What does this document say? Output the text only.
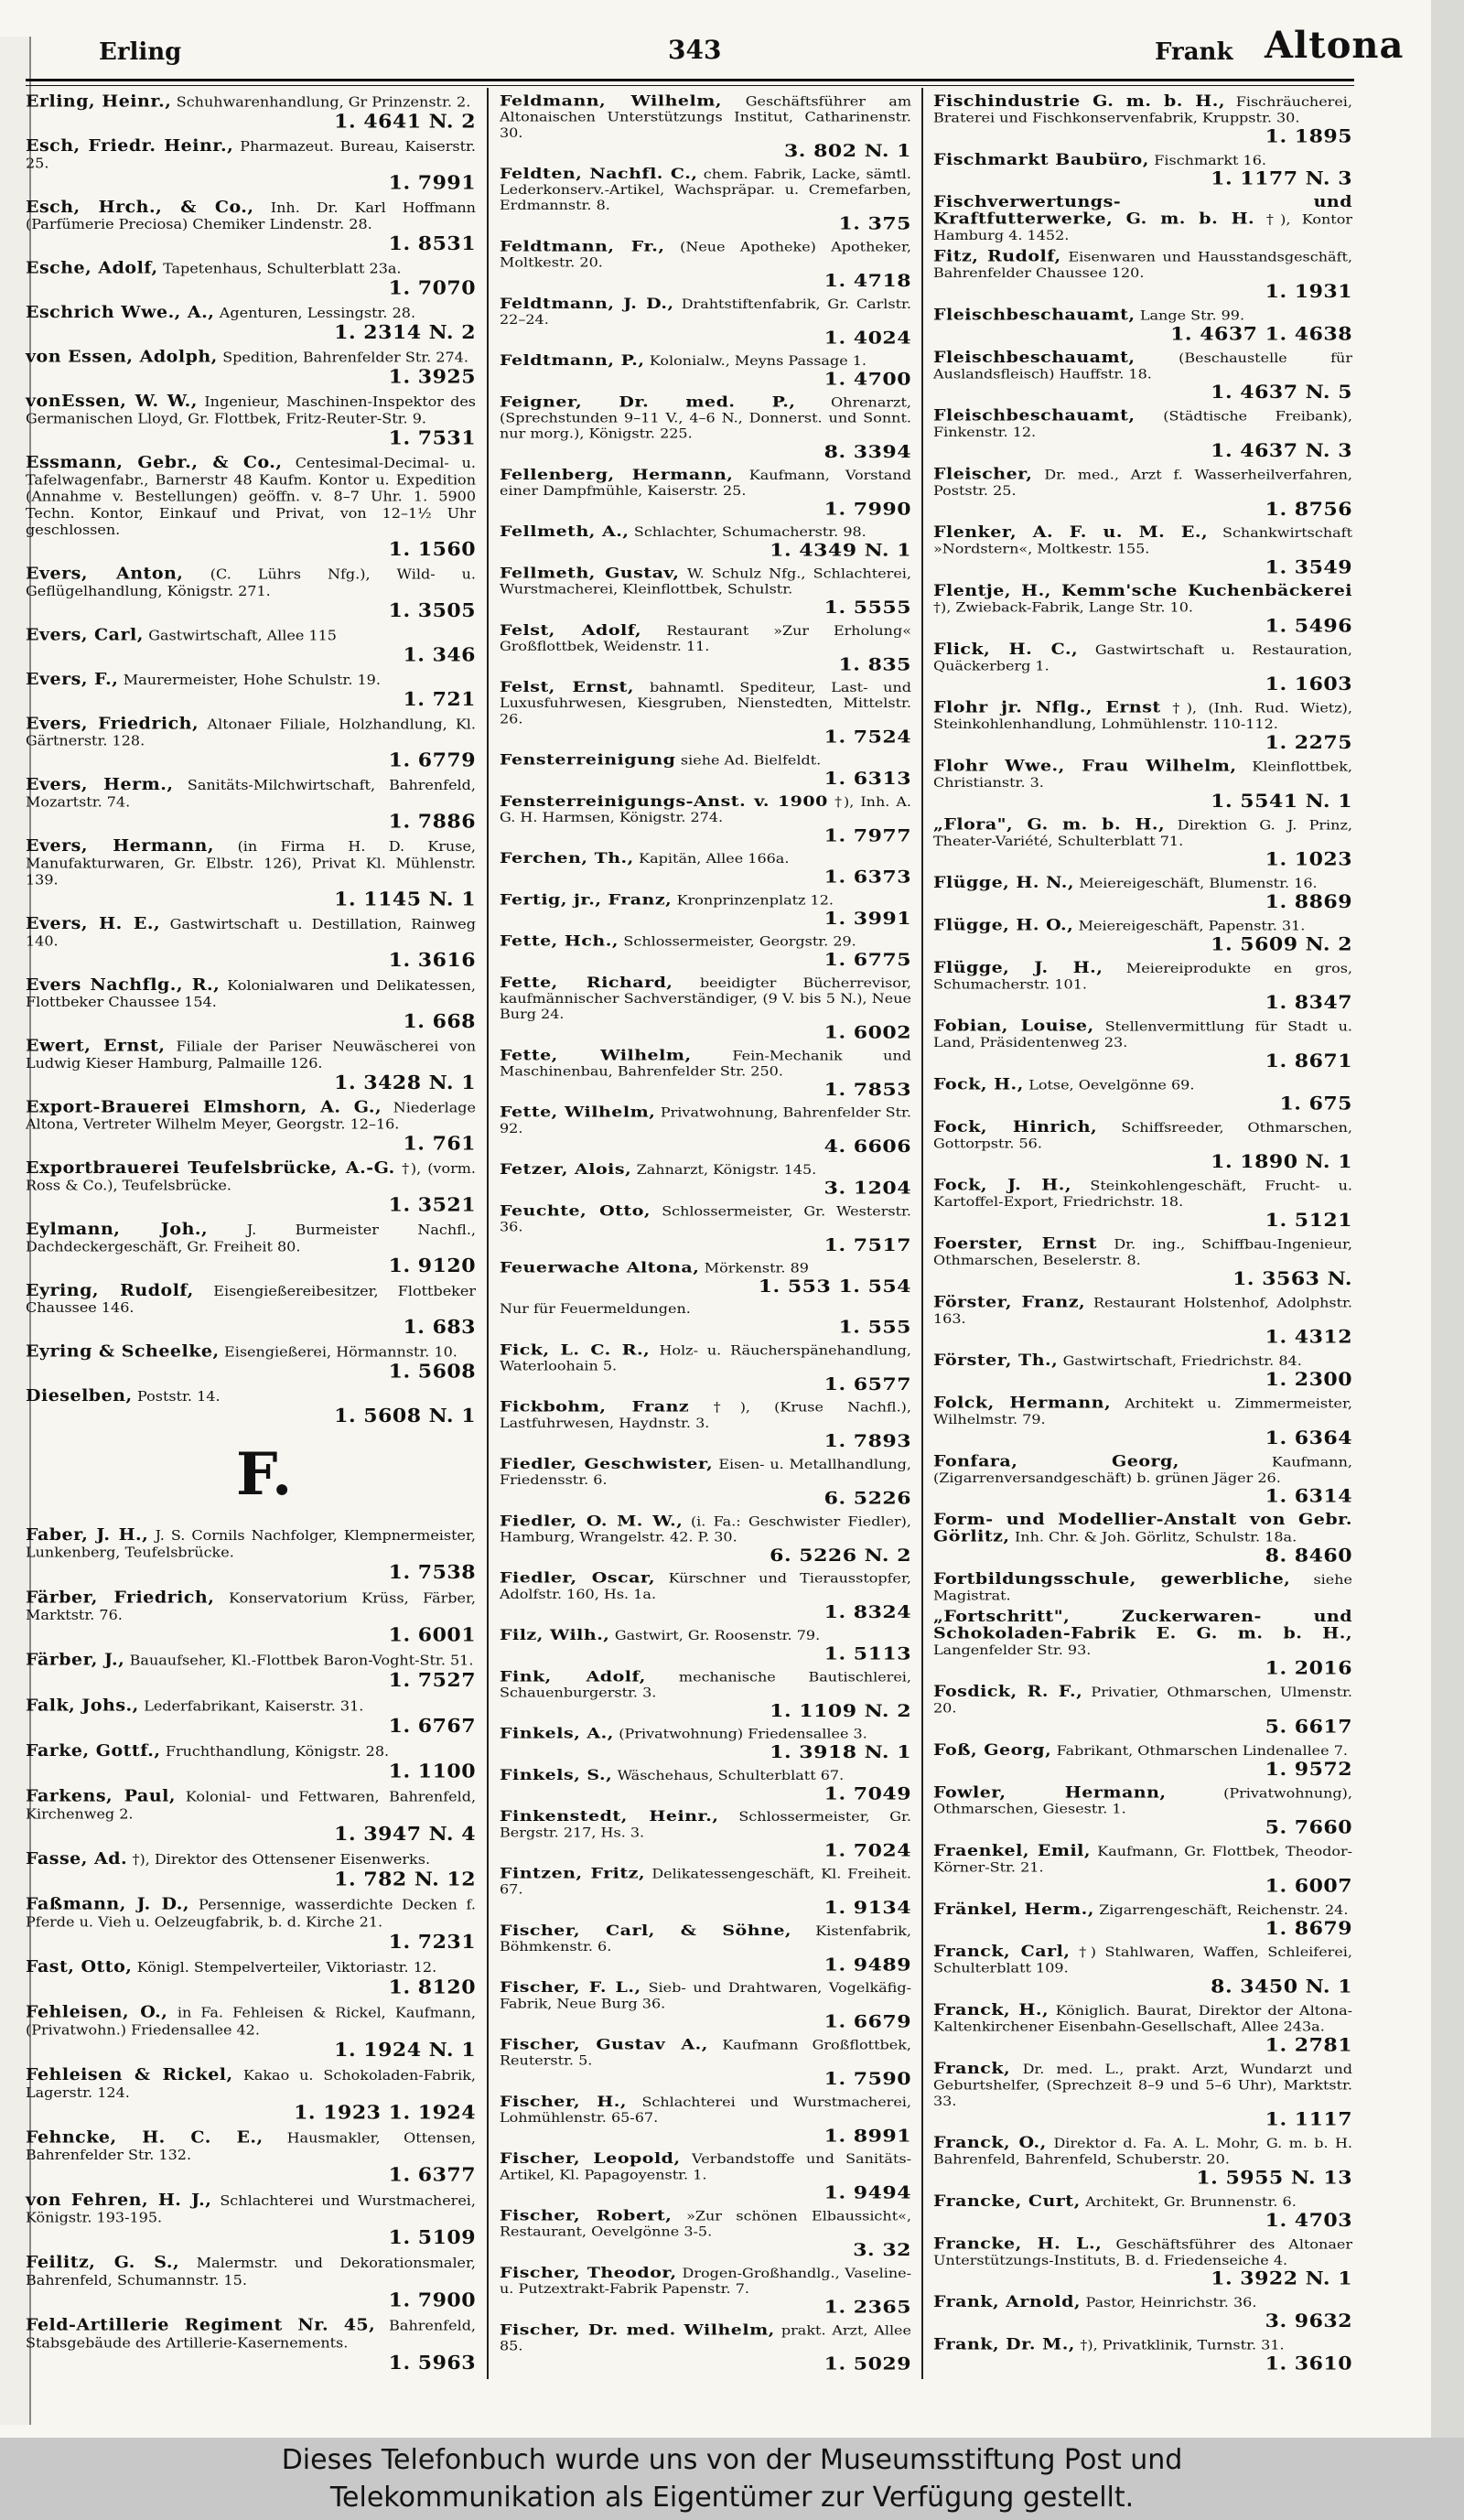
Erling	343	Frank Altona
Erling, Heinr., Schuhwarenhandlung, Gr Prinzenstr. 2.
1. 4641 N. 2
Esch, Friedr. Heinr., Pharmazeut. Bureau, Kaiserstr. 25.
1. 7991
Esch, Hrch., & Co., Inh. Dr. Karl Hoffmann (Parfümerie Preciosa) Chemiker Lindenstr. 28.
1. 8531
Esche, Adolf, Tapetenhaus, Schulterblatt 23a.
1. 7070
Eschrich Wwe., A., Agenturen, Lessingstr. 28.
1. 2314 N. 2
von Essen, Adolph, Spedition, Bahrenfelder Str. 274.
1. 3925
vonEssen, W. W., Ingenieur, Maschinen-Inspektor des Germanischen Lloyd, Gr. Flottbek, Fritz-Reuter-Str. 9.
1. 7531
Essmann, Gebr., & Co., Centesimal-Decimal- u. Tafelwagenfabr., Barnerstr 48 Kaufm. Kontor u. Expedition (Annahme v. Bestellungen) geöffn. v. 8–7 Uhr. 1. 5900 Techn. Kontor, Einkauf und Privat, von 12–1½ Uhr geschlossen.
1. 1560
Evers, Anton, (C. Lührs Nfg.), Wild- u. Geflügelhandlung, Königstr. 271.
1. 3505
Evers, Carl, Gastwirtschaft, Allee 115
1. 346
Evers, F., Maurermeister, Hohe Schulstr. 19.
1. 721
Evers, Friedrich, Altonaer Filiale, Holzhandlung, Kl. Gärtnerstr. 128.
1. 6779
Evers, Herm., Sanitäts-Milchwirtschaft, Bahrenfeld, Mozartstr. 74.
1. 7886
Evers, Hermann, (in Firma H. D. Kruse, Manufakturwaren, Gr. Elbstr. 126), Privat Kl. Mühlenstr. 139.
1. 1145 N. 1
Evers, H. E., Gastwirtschaft u. Destillation, Rainweg 140.
1. 3616
Evers Nachflg., R., Kolonialwaren und Delikatessen, Flottbeker Chaussee 154.
1. 668
Ewert, Ernst, Filiale der Pariser Neuwäscherei von Ludwig Kieser Hamburg, Palmaille 126.
1. 3428 N. 1
Export-Brauerei Elmshorn, A. G., Niederlage Altona, Vertreter Wilhelm Meyer, Georgstr. 12–16.
1. 761
Exportbrauerei Teufelsbrücke, A.-G. †), (vorm. Ross & Co.), Teufelsbrücke.
1. 3521
Eylmann, Joh.,	J. Burmeister Nachfl., Dachdeckergeschäft, Gr. Freiheit 80.
1. 9120
Eyring, Rudolf, Eisengießereibesitzer, Flottbeker Chaussee 146.
1. 683
Eyring & Scheelke, Eisengießerei, Hörmannstr. 10.
1. 5608
Dieselben, Poststr. 14.
1. 5608 N. 1
F.
Faber, J. H., J. S. Cornils Nachfolger, Klempnermeister, Lunkenberg, Teufelsbrücke.
1. 7538
Färber, Friedrich, Konservatorium Krüss, Färber, Marktstr. 76.
1. 6001
Färber, J., Bauaufseher, Kl.-Flottbek Baron-Voght-Str. 51.
1. 7527
Falk, Johs., Lederfabrikant, Kaiserstr. 31.
1. 6767
Farke, Gottf., Fruchthandlung, Königstr. 28.
1. 1100
Farkens, Paul, Kolonial- und Fettwaren, Bahrenfeld, Kirchenweg 2.
1. 3947 N. 4
Fasse, Ad. †), Direktor des Ottensener Eisenwerks.
1. 782 N. 12
Faßmann, J. D., Persennige, wasserdichte Decken f. Pferde u. Vieh u. Oelzeugfabrik, b. d. Kirche 21.
1. 7231
Fast, Otto, Königl. Stempelverteiler, Viktoriastr. 12.
1. 8120
Fehleisen, O., in Fa. Fehleisen & Rickel, Kaufmann, (Privatwohn.) Friedensallee 42.
1. 1924 N. 1
Fehleisen & Rickel, Kakao u. Schokoladen-Fabrik, Lagerstr. 124.
1. 1923 1. 1924
Fehncke, H. C. E., Hausmakler, Ottensen, Bahrenfelder Str. 132.
1. 6377
von Fehren, H. J., Schlachterei und Wurstmacherei, Königstr. 193-195.
1. 5109
Feilitz, G. S., Malermstr. und Dekorationsmaler, Bahrenfeld, Schumannstr. 15.
1. 7900
Feld-Artillerie Regiment Nr. 45, Bahrenfeld, Stabsgebäude des Artillerie-Kasernements.
1. 5963
Feldmann, Wilhelm, Geschäftsführer am Altonaischen Unterstützungs Institut, Catharinenstr. 30.
3. 802 N. 1
Feldten, Nachfl. C., chem. Fabrik, Lacke, sämtl. Lederkonserv.-Artikel, Wachspräpar. u. Cremefarben, Erdmannstr. 8.
1. 375
Feldtmann, Fr., (Neue Apotheke) Apotheker, Moltkestr. 20.
1. 4718
Feldtmann, J. D., Drahtstiftenfabrik, Gr. Carlstr. 22–24.
1. 4024
Feldtmann, P., Kolonialw., Meyns Passage 1.
1. 4700
Feigner, Dr. med. P., Ohrenarzt, (Sprechstunden 9–11 V., 4–6 N., Donnerst. und Sonnt. nur morg.), Königstr. 225.
8. 3394
Fellenberg, Hermann, Kaufmann, Vorstand einer Dampfmühle, Kaiserstr. 25.
1. 7990
Fellmeth, A., Schlachter, Schumacherstr. 98.
1. 4349 N. 1
Fellmeth, Gustav, W. Schulz Nfg., Schlachterei, Wurstmacherei, Kleinflottbek, Schulstr.
1. 5555
Felst, Adolf, Restaurant »Zur Erholung« Großflottbek, Weidenstr. 11.
1. 835
Felst, Ernst, bahnamtl. Spediteur, Last- und Luxusfuhrwesen, Kiesgruben, Nienstedten, Mittelstr. 26.
1. 7524
Fensterreinigung siehe Ad. Bielfeldt.
1. 6313
Fensterreinigungs-Anst. v. 1900 †), Inh. A. G. H. Harmsen, Königstr. 274.
1. 7977
Ferchen, Th., Kapitän, Allee 166a.
1. 6373
Fertig, jr., Franz, Kronprinzenplatz 12.
1. 3991
Fette, Hch., Schlossermeister, Georgstr. 29.
1. 6775
Fette, Richard, beeidigter Bücherrevisor, kaufmännischer Sachverständiger, (9 V. bis 5 N.), Neue Burg 24.
1. 6002
Fette, Wilhelm,	Fein-Mechanik und Maschinenbau, Bahrenfelder Str. 250.
1. 7853
Fette, Wilhelm, Privatwohnung, Bahrenfelder Str. 92.
4. 6606
Fetzer, Alois, Zahnarzt, Königstr. 145.
3. 1204
Feuchte, Otto, Schlossermeister, Gr. Westerstr. 36.
1. 7517
Feuerwache Altona, Mörkenstr. 89
1. 553 1. 554
Nur für Feuermeldungen.
1. 555
Fick, L. C. R., Holz- u. Räucherspänehandlung, Waterloohain 5.
1. 6577
Fickbohm, Franz †), (Kruse Nachfl.), Lastfuhrwesen, Haydnstr. 3.
1. 7893
Fiedler, Geschwister, Eisen- u. Metallhandlung, Friedensstr. 6.
6. 5226
Fiedler, O. M. W., (i. Fa.: Geschwister Fiedler), Hamburg, Wrangelstr. 42. P. 30.
6. 5226 N. 2
Fiedler, Oscar, Kürschner und Tierausstopfer, Adolfstr. 160, Hs. 1a.
1. 8324
Filz, Wilh., Gastwirt, Gr. Roosenstr. 79.
1. 5113
Fink, Adolf, mechanische Bautischlerei, Schauenburgerstr. 3.
1. 1109 N. 2
Finkels, A., (Privatwohnung) Friedensallee 3.
1. 3918 N. 1
Finkels, S., Wäschehaus, Schulterblatt 67.
1. 7049
Finkenstedt, Heinr., Schlossermeister, Gr. Bergstr. 217, Hs. 3.
1. 7024
Fintzen, Fritz, Delikatessengeschäft, Kl. Freiheit. 67.
1. 9134
Fischer, Carl, & Söhne, Kistenfabrik, Böhmkenstr. 6.
1. 9489
Fischer, F. L., Sieb- und Drahtwaren, Vogelkäfig-Fabrik, Neue Burg 36.
1. 6679
Fischer, Gustav A., Kaufmann Großflottbek, Reuterstr. 5.
1. 7590
Fischer, H., Schlachterei und Wurstmacherei, Lohmühlenstr. 65-67.
1. 8991
Fischer, Leopold, Verbandstoffe und Sanitäts-Artikel, Kl. Papagoyenstr. 1.
1. 9494
Fischer, Robert, »Zur schönen Elbaussicht«, Restaurant, Oevelgönne 3-5.
3. 32
Fischer, Theodor, Drogen-Großhandlg., Vaseline- u. Putzextrakt-Fabrik Papenstr. 7.
1. 2365
Fischer, Dr. med. Wilhelm, prakt. Arzt, Allee 85.
1. 5029
Fischindustrie G. m. b. H., Fischräucherei, Braterei und Fischkonservenfabrik, Kruppstr. 30.
1. 1895
Fischmarkt Baubüro, Fischmarkt 16.
1. 1177 N. 3
Fischverwertungs- und Kraftfutterwerke, G. m. b. H. †), Kontor Hamburg 4. 1452.
Fitz, Rudolf, Eisenwaren und Hausstandsgeschäft, Bahrenfelder Chaussee 120.
1. 1931
Fleischbeschauamt, Lange Str. 99.
1. 4637 1. 4638
Fleischbeschauamt,	(Beschaustelle für Auslandsfleisch) Hauffstr. 18.
1. 4637 N. 5
Fleischbeschauamt, (Städtische Freibank), Finkenstr. 12.
1. 4637 N. 3
Fleischer, Dr. med., Arzt f. Wasserheilverfahren, Poststr. 25.
1. 8756
Flenker, A. F. u. M. E., Schankwirtschaft »Nordstern«, Moltkestr. 155.
1. 3549
Flentje, H., Kemm'sche Kuchenbäckerei †), Zwieback-Fabrik, Lange Str. 10.
1. 5496
Flick, H. C., Gastwirtschaft u. Restauration, Quäckerberg 1.
1. 1603
Flohr jr. Nflg., Ernst †), (Inh. Rud. Wietz), Steinkohlenhandlung, Lohmühlenstr. 110-112.
1. 2275
Flohr Wwe., Frau Wilhelm, Kleinflottbek, Christianstr. 3.
1. 5541 N. 1
„Flora", G. m. b. H., Direktion G. J. Prinz, Theater-Variété, Schulterblatt 71.
1. 1023
Flügge, H. N., Meiereigeschäft, Blumenstr. 16.
1. 8869
Flügge, H. O., Meiereigeschäft, Papenstr. 31.
1. 5609 N. 2
Flügge, J. H., Meiereiprodukte en gros, Schumacherstr. 101.
1. 8347
Fobian, Louise, Stellenvermittlung für Stadt u. Land, Präsidentenweg 23.
1. 8671
Fock, H., Lotse, Oevelgönne 69.
1. 675
Fock, Hinrich, Schiffsreeder, Othmarschen, Gottorpstr. 56.
1. 1890 N. 1
Fock, J. H., Steinkohlengeschäft, Frucht- u. Kartoffel-Export, Friedrichstr. 18.
1. 5121
Foerster, Ernst Dr. ing., Schiffbau-Ingenieur, Othmarschen, Beselerstr. 8.
1. 3563 N.
Förster, Franz, Restaurant Holstenhof, Adolphstr. 163.
1. 4312
Förster, Th., Gastwirtschaft, Friedrichstr. 84.
1. 2300
Folck, Hermann, Architekt u. Zimmermeister, Wilhelmstr. 79.
1. 6364
Fonfara, Georg,	Kaufmann, (Zigarrenversandgeschäft) b. grünen Jäger 26.
1. 6314
Form- und Modellier-Anstalt von Gebr. Görlitz, Inh. Chr. & Joh. Görlitz, Schulstr. 18a.
8. 8460
Fortbildungsschule, gewerbliche, siehe Magistrat.
„Fortschritt", Zuckerwaren- und Schokoladen-Fabrik E. G. m. b. H., Langenfelder Str. 93.
1. 2016
Fosdick, R. F., Privatier, Othmarschen, Ulmenstr. 20.
5. 6617
Foß, Georg, Fabrikant, Othmarschen Lindenallee 7.
1. 9572
Fowler, Hermann,	(Privatwohnung), Othmarschen, Giesestr. 1.
5. 7660
Fraenkel, Emil, Kaufmann, Gr. Flottbek, Theodor-Körner-Str. 21.
1. 6007
Fränkel, Herm., Zigarrengeschäft, Reichenstr. 24.
1. 8679
Franck, Carl, †) Stahlwaren, Waffen, Schleiferei, Schulterblatt 109.
8. 3450 N. 1
Franck, H., Königlich. Baurat, Direktor der Altona-Kaltenkirchener Eisenbahn-Gesellschaft, Allee 243a.
1. 2781
Franck, Dr. med. L., prakt. Arzt, Wundarzt und Geburtshelfer, (Sprechzeit 8–9 und 5–6 Uhr), Marktstr. 33.
1. 1117
Franck, O., Direktor d. Fa. A. L. Mohr, G. m. b. H. Bahrenfeld, Bahrenfeld, Schuberstr. 20.
1. 5955 N. 13
Francke, Curt, Architekt, Gr. Brunnenstr. 6.
1. 4703
Francke, H. L., Geschäftsführer des Altonaer Unterstützungs-Instituts, B. d. Friedenseiche 4.
1. 3922 N. 1
Frank, Arnold, Pastor, Heinrichstr. 36.
3. 9632
Frank, Dr. M., †), Privatklinik, Turnstr. 31.
1. 3610
Dieses Telefonbuch wurde uns von der Museumsstiftung Post und
Telekommunikation als Eigentümer zur Verfügung gestellt.
